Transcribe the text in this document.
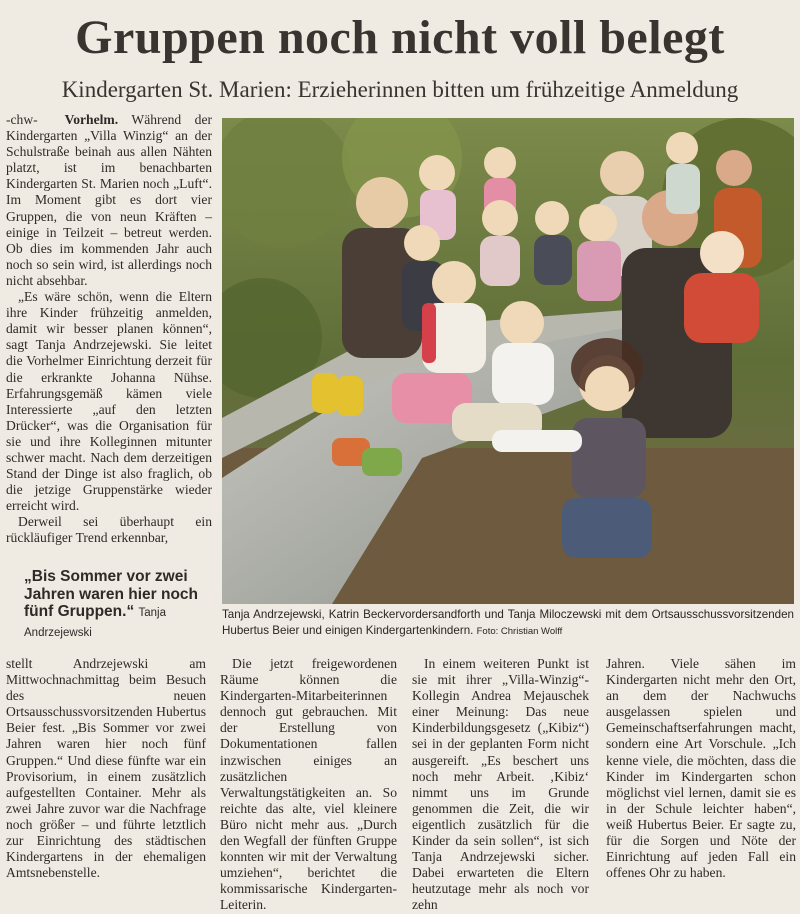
Gruppen noch nicht voll belegt
Kindergarten St. Marien: Erzieherinnen bitten um frühzeitige Anmeldung

-chw- Vorhelm. Während der Kindergarten „Villa Winzig“ an der Schulstraße beinah aus allen Nähten platzt, ist im benachbarten Kindergarten St. Marien noch „Luft“. Im Moment gibt es dort vier Gruppen, die von neun Kräften – einige in Teilzeit – betreut werden. Ob dies im kommenden Jahr auch noch so sein wird, ist allerdings noch nicht absehbar.

„Es wäre schön, wenn die Eltern ihre Kinder frühzeitig anmelden, damit wir besser planen können“, sagt Tanja Andrzejewski. Sie leitet die Vorhelmer Einrichtung derzeit für die erkrankte Johanna Nühse. Erfahrungsgemäß kämen viele Interessierte „auf den letzten Drücker“, was die Organisation für sie und ihre Kolleginnen mitunter schwer macht. Nach dem derzeitigen Stand der Dinge ist also fraglich, ob die jetzige Gruppenstärke wieder erreicht wird.

Derweil sei überhaupt ein rückläufiger Trend erkennbar,

„Bis Sommer vor zwei Jahren waren hier noch fünf Gruppen.“ Tanja Andrzejewski
Tanja Andrzejewski, Katrin Beckervordersandforth und Tanja Miloczewski mit dem Ortsausschussvorsitzenden Hubertus Beier und einigen Kindergartenkindern. Foto: Christian Wolff

stellt Andrzejewski am Mittwochnachmittag beim Besuch des neuen Ortsausschussvorsitzenden Hubertus Beier fest. „Bis Sommer vor zwei Jahren waren hier noch fünf Gruppen.“ Und diese fünfte war ein Provisorium, in einem zusätzlich aufgestellten Container. Mehr als zwei Jahre zuvor war die Nachfrage noch größer – und führte letztlich zur Einrichtung des städtischen Kindergartens in der ehemaligen Amtsnebenstelle.

Die jetzt freigewordenen Räume können die Kindergarten-Mitarbeiterinnen dennoch gut gebrauchen. Mit der Erstellung von Dokumentationen fallen inzwischen einiges an zusätzlichen Verwaltungstätigkeiten an. So reichte das alte, viel kleinere Büro nicht mehr aus. „Durch den Wegfall der fünften Gruppe konnten wir mit der Verwaltung umziehen“, berichtet die kommissarische Kindergarten-Leiterin.

In einem weiteren Punkt ist sie mit ihrer „Villa-Winzig“-Kollegin Andrea Mejauschek einer Meinung: Das neue Kinderbildungsgesetz („Kibiz“) sei in der geplanten Form nicht ausgereift. „Es beschert uns noch mehr Arbeit. ‚Kibiz‘ nimmt uns im Grunde genommen die Zeit, die wir eigentlich zusätzlich für die Kinder da sein sollen“, ist sich Tanja Andrzejewski sicher. Dabei erwarteten die Eltern heutzutage mehr als noch vor zehn

Jahren. Viele sähen im Kindergarten nicht mehr den Ort, an dem der Nachwuchs ausgelassen spielen und Gemeinschaftserfahrungen macht, sondern eine Art Vorschule. „Ich kenne viele, die möchten, dass die Kinder im Kindergarten schon möglichst viel lernen, damit sie es in der Schule leichter haben“, weiß Hubertus Beier. Er sagte zu, für die Sorgen und Nöte der Einrichtung auf jeden Fall ein offenes Ohr zu haben.
